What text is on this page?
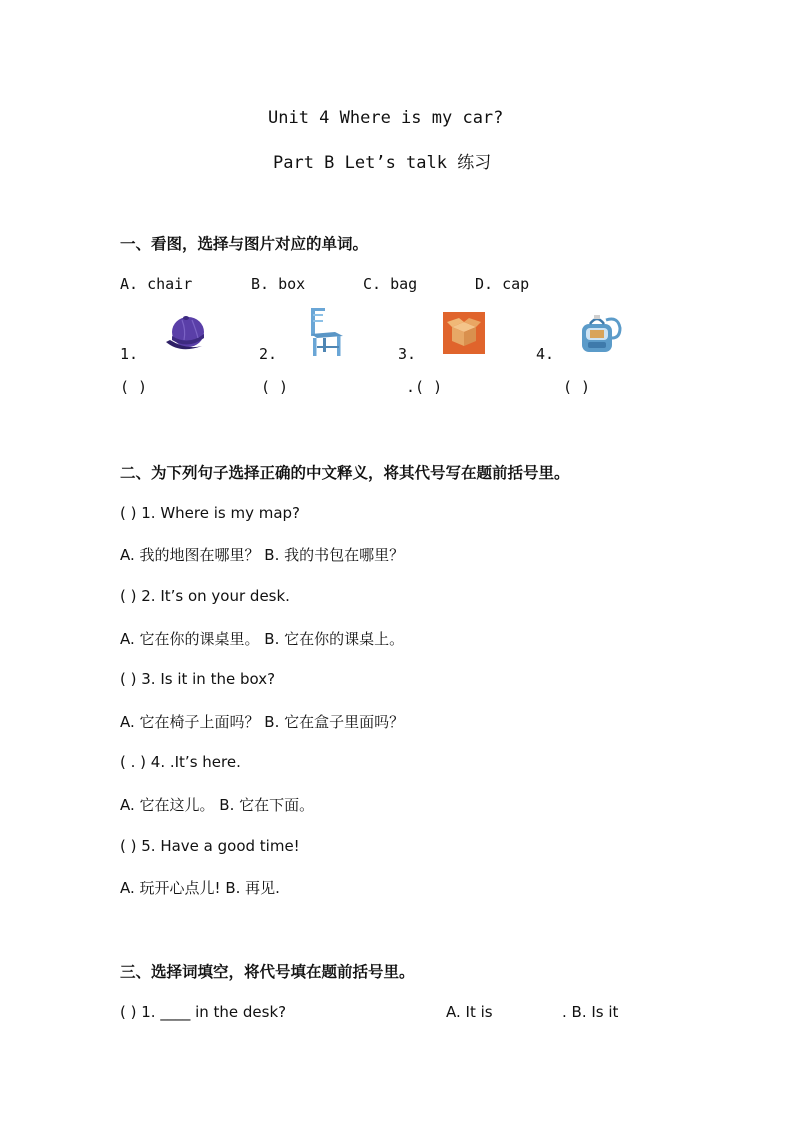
Unit 4 Where is my car?
Part B Let’s talk 练习
一、看图，选择与图片对应的单词。
A. chair	B. box	C. bag	D. cap
1.	2.	3.	4.
( )	( )	.( )	( )
二、为下列句子选择正确的中文释义，将其代号写在题前括号里。
( ) 1. Where is my map?
A. 我的地图在哪里？ B. 我的书包在哪里？
( ) 2. It’s on your desk.
A. 它在你的课桌里。 B. 它在你的课桌上。
( ) 3. Is it in the box?
A. 它在椅子上面吗？ B. 它在盒子里面吗？
( . ) 4. .It’s here.
A. 它在这儿。 B. 它在下面。
( ) 5. Have a good time!
A. 玩开心点儿! B. 再见.
三、选择词填空，将代号填在题前括号里。
( ) 1. ____ in the desk?	A. It is	. B. Is it
